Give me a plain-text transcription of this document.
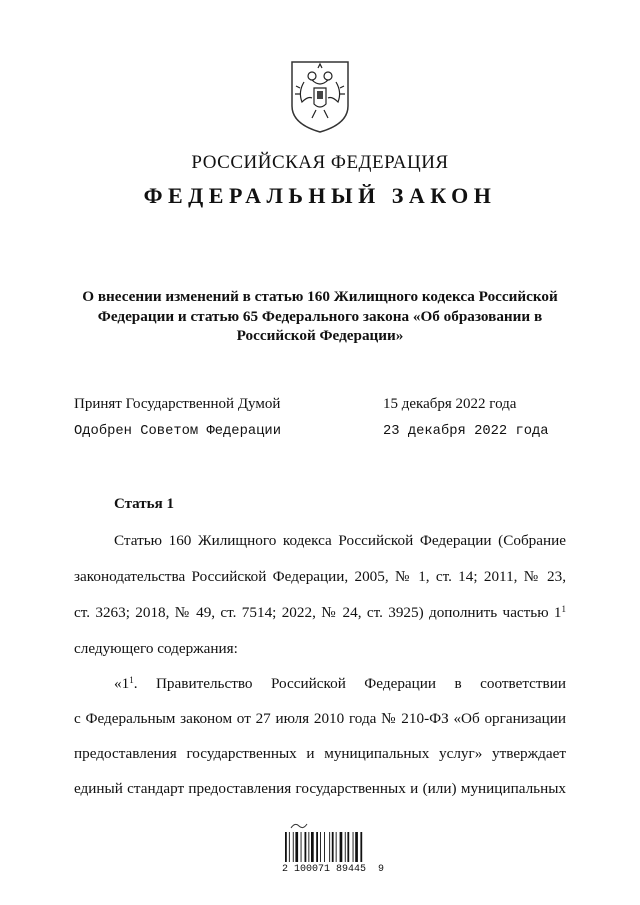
РОССИЙСКАЯ ФЕДЕРАЦИЯ
ФЕДЕРАЛЬНЫЙ ЗАКОН
О внесении изменений в статью 160 Жилищного кодекса Российской Федерации и статью 65 Федерального закона «Об образовании в Российской Федерации»
Принят Государственной Думой	15 декабря 2022 года
Одобрен Советом Федерации	23 декабря 2022 года
Статья 1
Статью 160 Жилищного кодекса Российской Федерации (Собрание
законодательства Российской Федерации, 2005, № 1, ст. 14; 2011, № 23,
ст. 3263; 2018, № 49, ст. 7514; 2022, № 24, ст. 3925) дополнить частью $1^1$
следующего содержания:
«$1^1$. Правительство Российской Федерации в соответствии
с Федеральным законом от 27 июля 2010 года № 210-ФЗ «Об организации
предоставления государственных и муниципальных услуг» утверждает
единый стандарт предоставления государственных и (или) муниципальных
2 100071 89445  9
